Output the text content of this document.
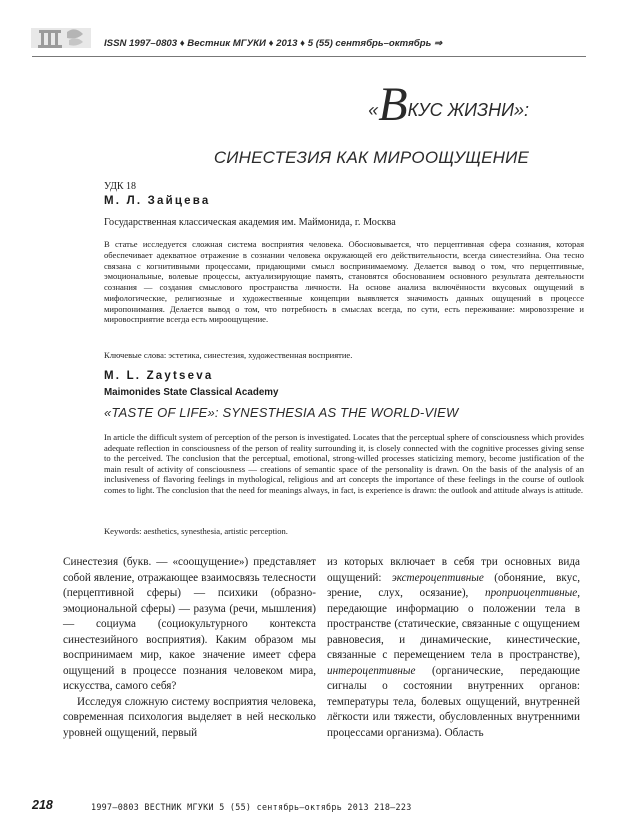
ISSN 1997–0803 ♦ Вестник МГУКИ ♦ 2013 ♦ 5 (55) сентябрь–октябрь ⇒
«ВКУС ЖИЗНИ»:
СИНЕСТЕЗИЯ КАК МИРООЩУЩЕНИЕ
УДК 18
М. Л. Зайцева
Государственная классическая академия им. Маймонида, г. Москва

В статье исследуется сложная система восприятия человека. Обосновывается, что перцептивная сфера сознания, которая обеспечивает адекватное отражение в сознании человека окружающей его действительности, всегда синестезийна. Она тесно связана с когнитивными процессами, придающими смысл воспринимаемому. Делается вывод о том, что перцептивные, эмоциональные, волевые процессы, актуализирующие память, становятся обоснованием основного результата деятельности сознания — создания смыслового пространства личности. На основе анализа включённости вкусовых ощущений в мифологические, религиозные и художественные концепции выявляется значимость данных ощущений в процессе миропонимания. Делается вывод о том, что потребность в смыслах всегда, по сути, есть переживание: мировоззрение и мировосприятие всегда есть мироощущение.

Ключевые слова: эстетика, синестезия, художественная восприятие.
M. L. Zaytseva
Maimonides State Classical Academy
«TASTE OF LIFE»: SYNESTHESIA AS THE WORLD-VIEW

In article the difficult system of perception of the person is investigated. Locates that the perceptual sphere of consciousness which provides adequate reflection in consciousness of the person of reality surrounding it, is closely connected with the cognitive processes giving sense to the perceived. The conclusion that the perceptual, emotional, strong-willed processes staticizing memory, become justification of the main result of activity of consciousness — creations of semantic space of the personality is drawn. On the basis of the analysis of an inclusiveness of flavoring feelings in mythological, religious and art concepts the importance of these feelings in the course of outlook comes to light. The conclusion that the need for meanings always, in fact, is experience is drawn: the outlook and attitude always is attitude.

Keywords: aesthetics, synesthesia, artistic perception.

Синестезия (букв. — «соощущение») представляет собой явление, отражающее взаимосвязь телесности (перцептивной сферы) — психики (образно-эмоциональной сферы) — разума (речи, мышления) — социума (социокультурного контекста синестезийного восприятия). Каким образом мы воспринимаем мир, какое значение имеет сфера ощущений в процессе познания человеком мира, искусства, самого себя?

Исследуя сложную систему восприятия человека, современная психология выделяет в ней несколько уровней ощущений, первый

из которых включает в себя три основных вида ощущений: экстероцептивные (обоняние, вкус, зрение, слух, осязание), проприоцептивные, передающие информацию о положении тела в пространстве (статические, связанные с ощущением равновесия, и динамические, кинестические, связанные с перемещением тела в пространстве), интероцептивные (органические, передающие сигналы о состоянии внутренних органов: температуры тела, болевых ощущений, внутренней лёгкости или тяжести, обусловленных внутренними процессами организма). Область

218	1997–0803 ВЕСТНИК МГУКИ 5 (55) сентябрь–октябрь 2013 218—223
